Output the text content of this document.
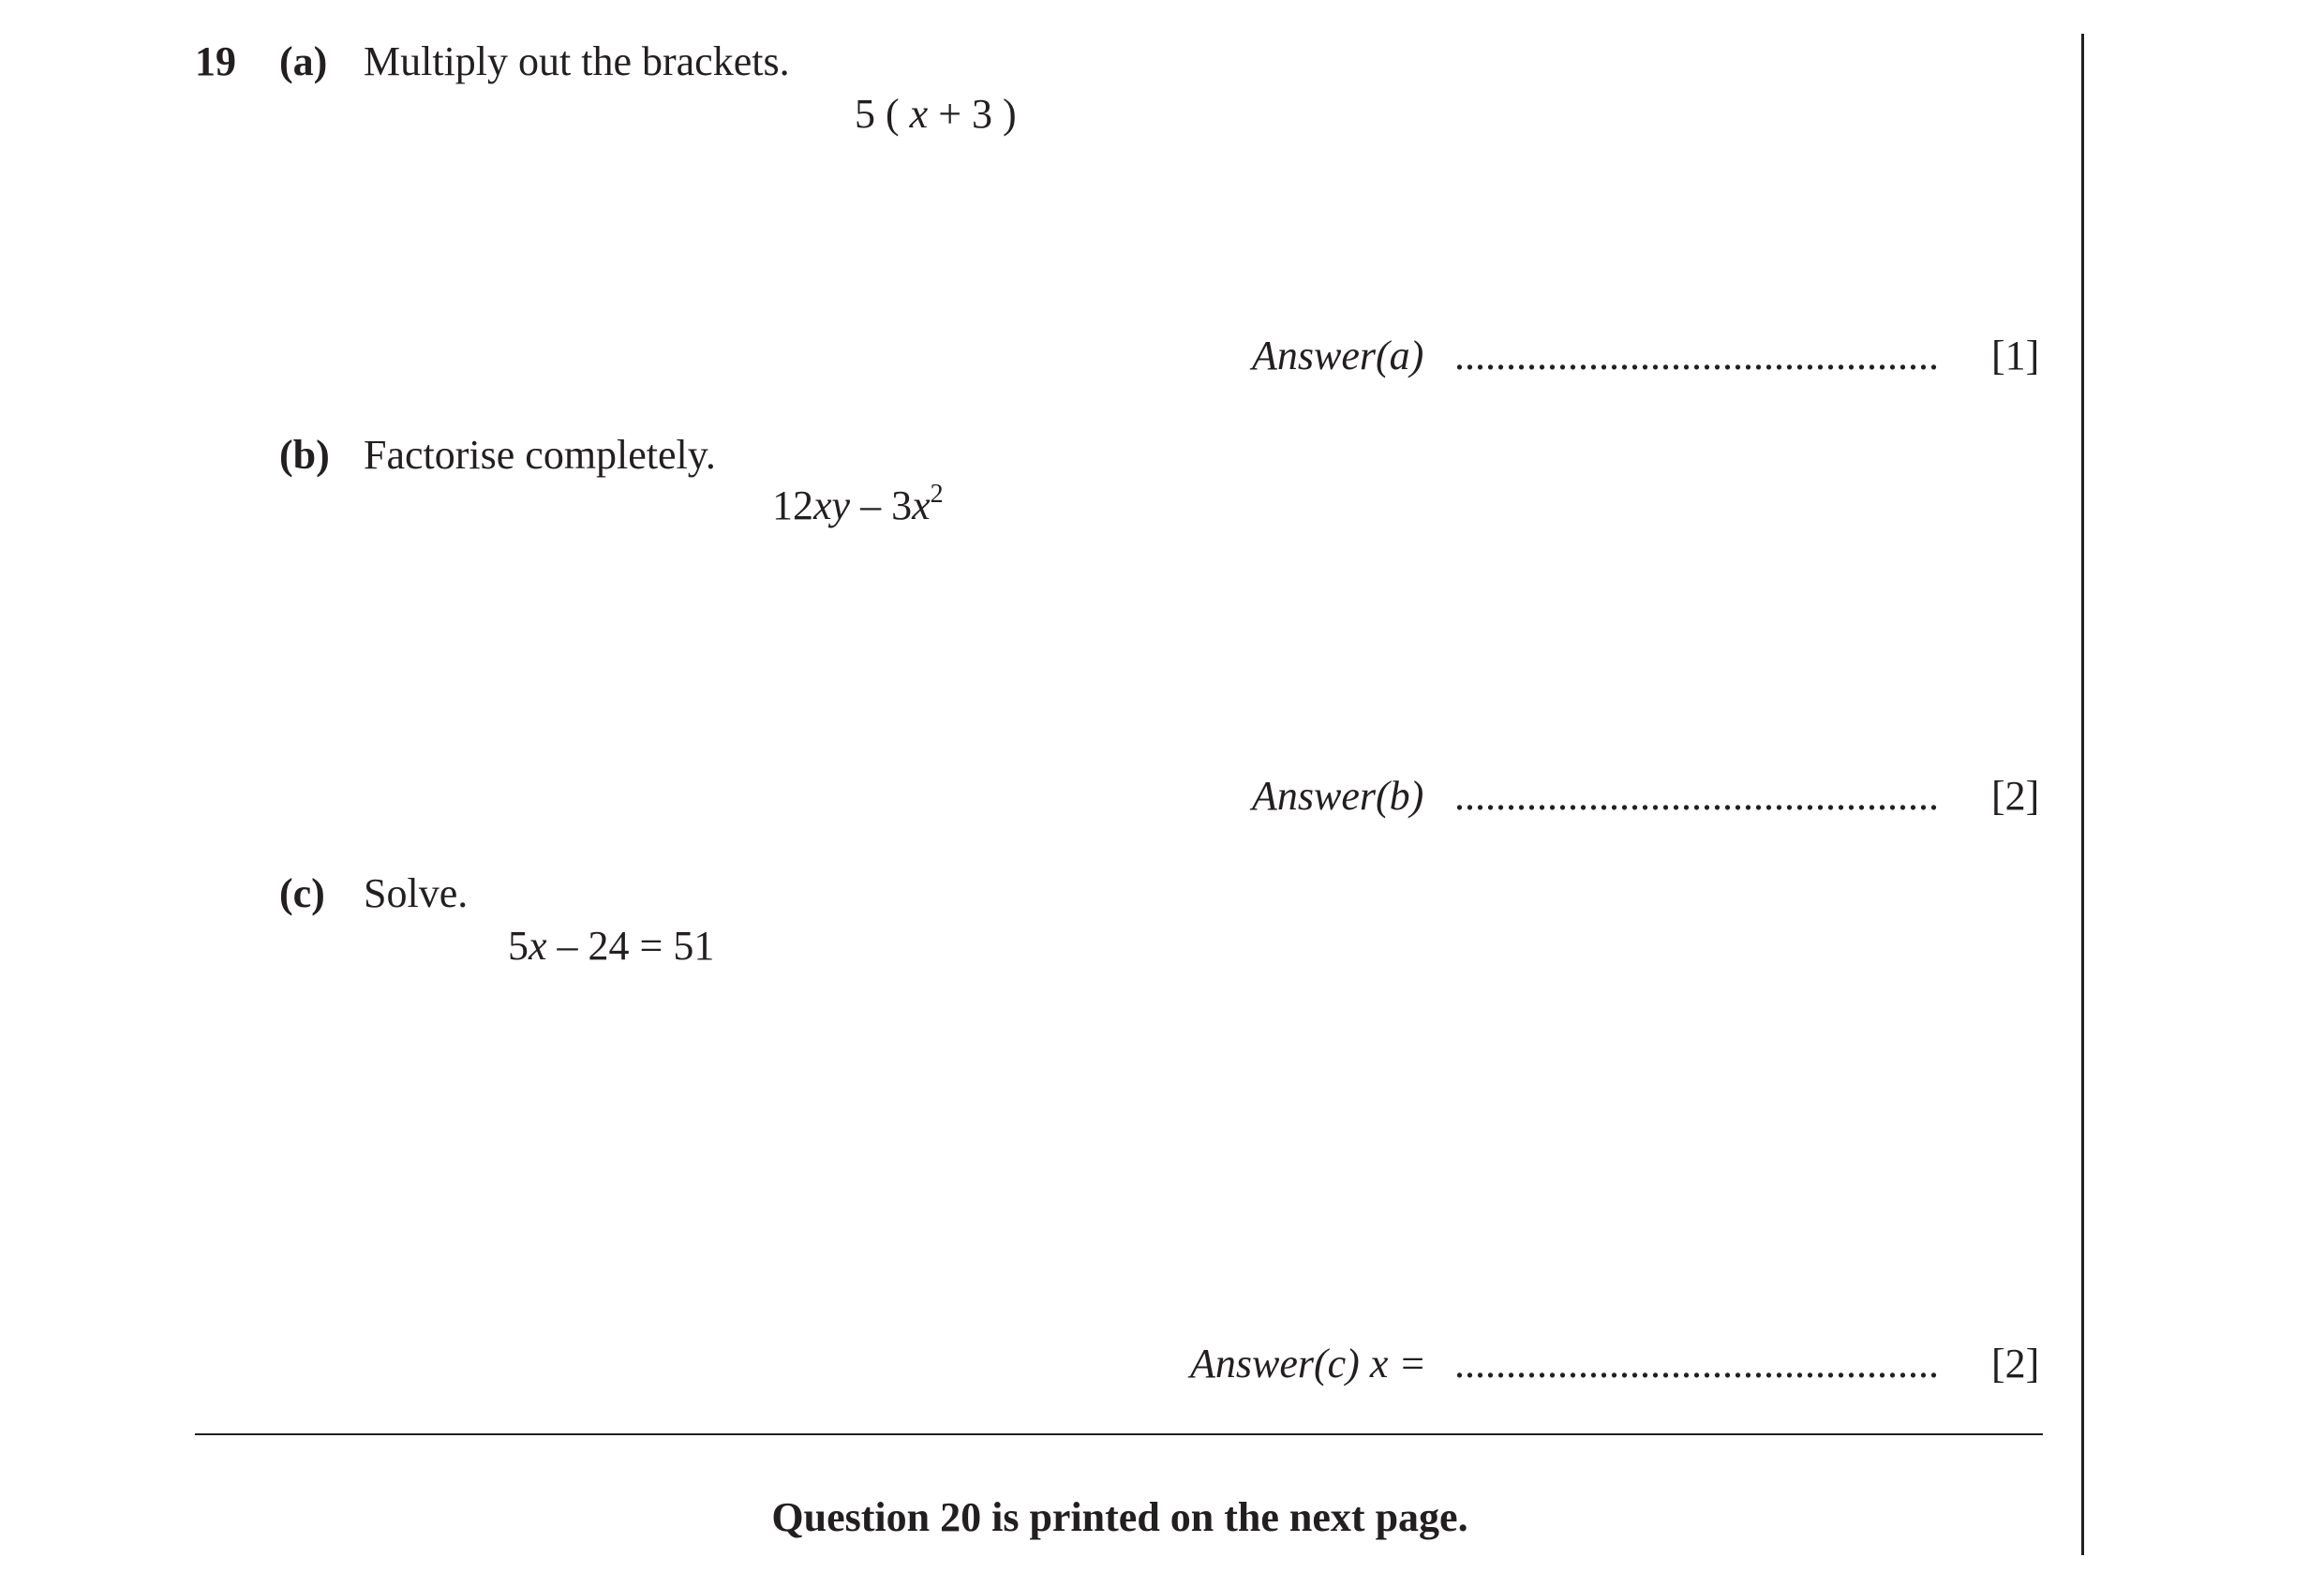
19 (a) Multiply out the brackets.
5 ( x + 3 )
Answer(a) ............................................... [1]
(b) Factorise completely.
$12xy - 3x^2$
Answer(b) ............................................... [2]
(c) Solve.
5x – 24 = 51
Answer(c) x = ............................................... [2]
Question 20 is printed on the next page.
